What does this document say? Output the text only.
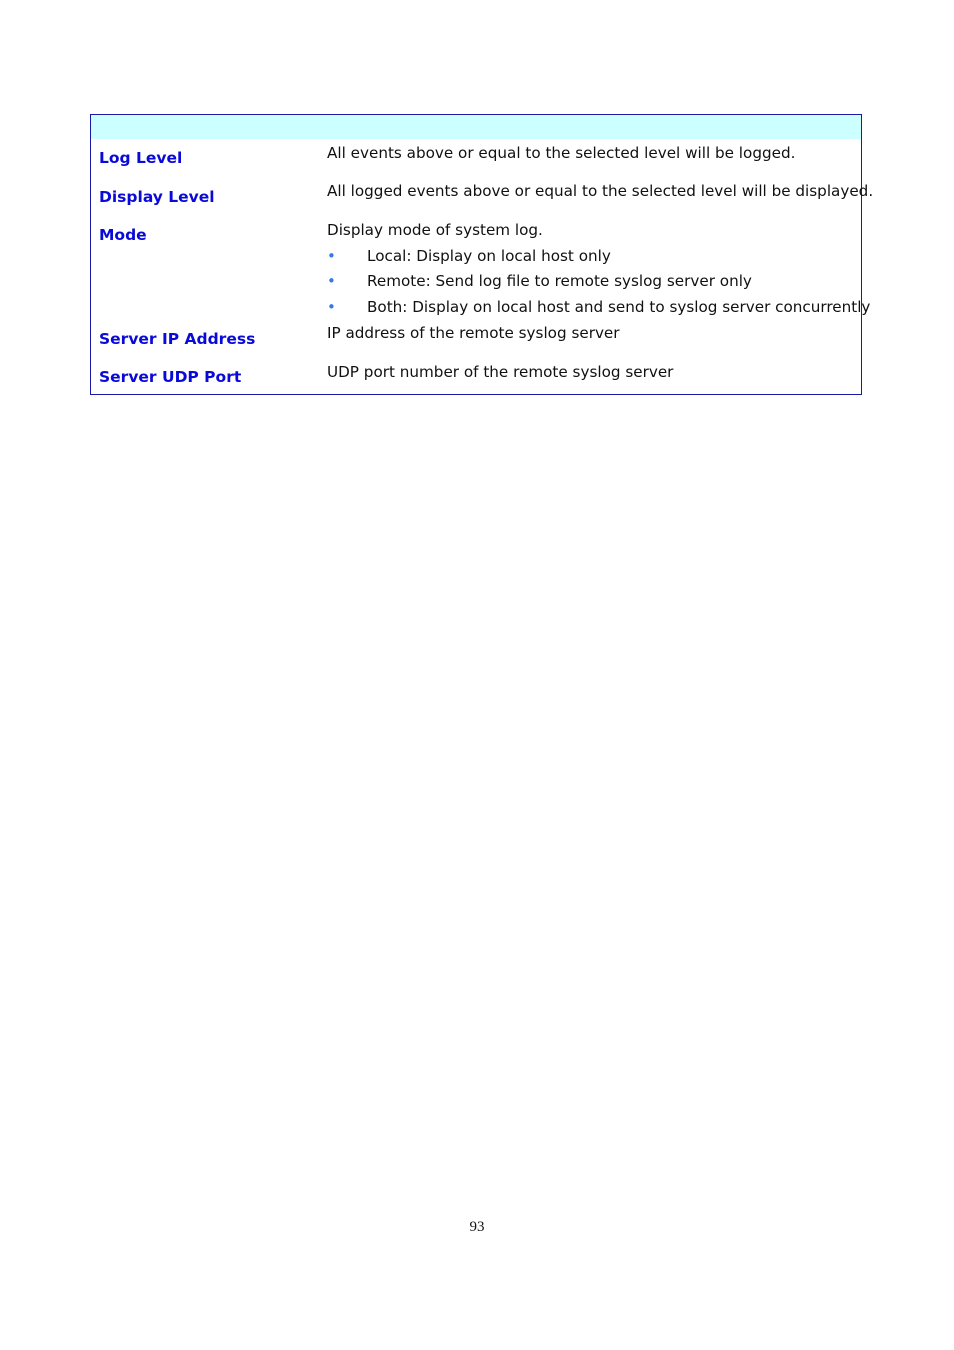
Log Level	All events above or equal to the selected level will be logged.
Display Level	All logged events above or equal to the selected level will be displayed.
Mode	Display mode of system log.
• Local: Display on local host only
• Remote: Send log file to remote syslog server only
• Both: Display on local host and send to syslog server concurrently
Server IP Address	IP address of the remote syslog server
Server UDP Port	UDP port number of the remote syslog server
93
